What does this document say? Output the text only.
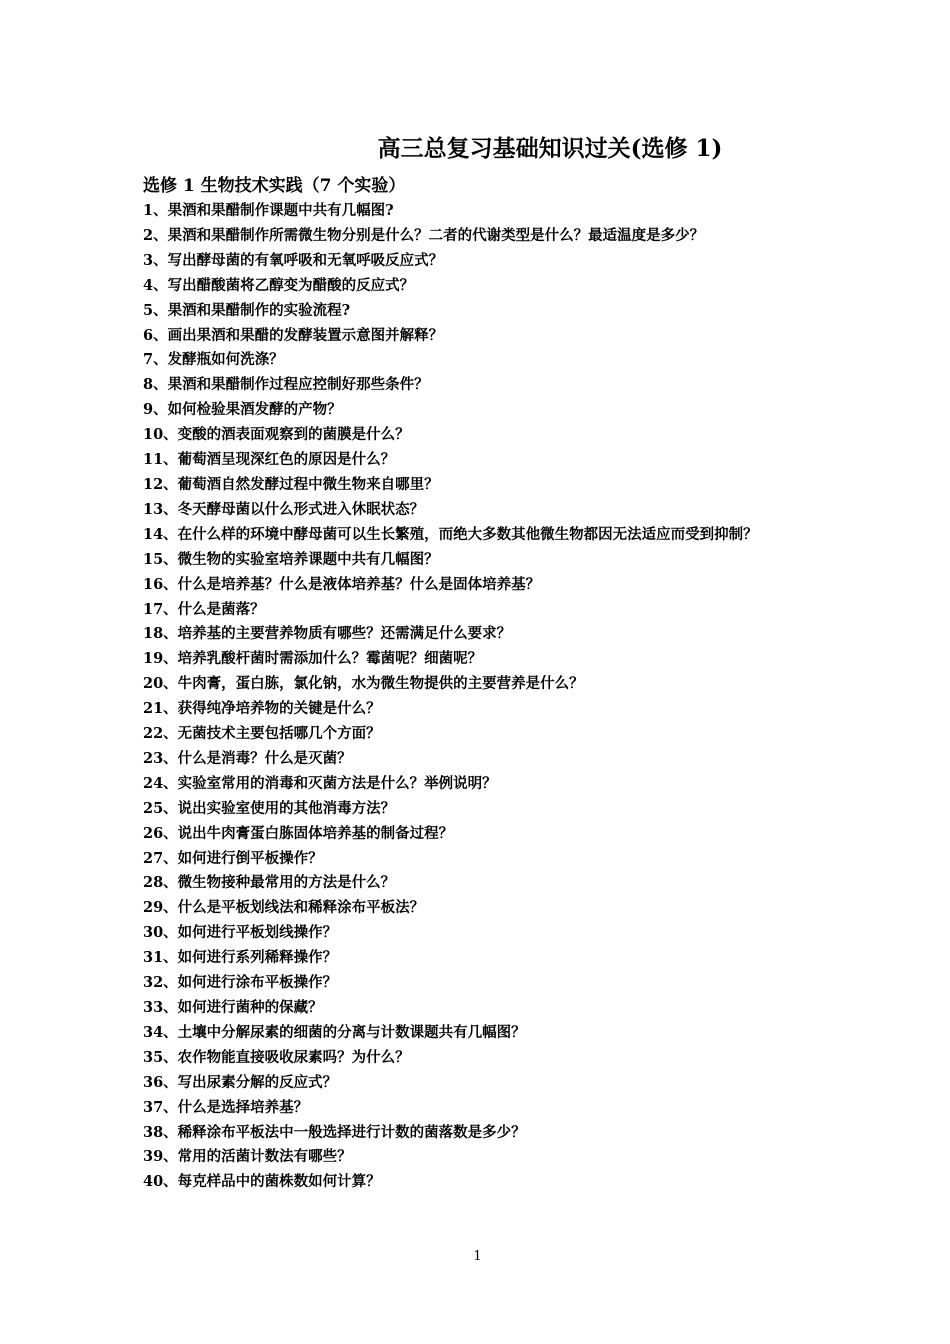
高三总复习基础知识过关(选修 1)
选修 1 生物技术实践（7 个实验）
1、果酒和果醋制作课题中共有几幅图?
2、果酒和果醋制作所需微生物分别是什么？二者的代谢类型是什么？最适温度是多少？
3、写出酵母菌的有氧呼吸和无氧呼吸反应式？
4、写出醋酸菌将乙醇变为醋酸的反应式？
5、果酒和果醋制作的实验流程?
6、画出果酒和果醋的发酵装置示意图并解释？
7、发酵瓶如何洗涤？
8、果酒和果醋制作过程应控制好那些条件？
9、如何检验果酒发酵的产物？
10、变酸的酒表面观察到的菌膜是什么？
11、葡萄酒呈现深红色的原因是什么？
12、葡萄酒自然发酵过程中微生物来自哪里？
13、冬天酵母菌以什么形式进入休眠状态？
14、在什么样的环境中酵母菌可以生长繁殖，而绝大多数其他微生物都因无法适应而受到抑制？
15、微生物的实验室培养课题中共有几幅图？
16、什么是培养基？什么是液体培养基？什么是固体培养基？
17、什么是菌落？
18、培养基的主要营养物质有哪些？还需满足什么要求？
19、培养乳酸杆菌时需添加什么？霉菌呢？细菌呢？
20、牛肉膏，蛋白胨，氯化钠，水为微生物提供的主要营养是什么？
21、获得纯净培养物的关键是什么？
22、无菌技术主要包括哪几个方面？
23、什么是消毒？什么是灭菌？
24、实验室常用的消毒和灭菌方法是什么？举例说明？
25、说出实验室使用的其他消毒方法？
26、说出牛肉膏蛋白胨固体培养基的制备过程？
27、如何进行倒平板操作？
28、微生物接种最常用的方法是什么？
29、什么是平板划线法和稀释涂布平板法？
30、如何进行平板划线操作？
31、如何进行系列稀释操作？
32、如何进行涂布平板操作？
33、如何进行菌种的保藏？
34、土壤中分解尿素的细菌的分离与计数课题共有几幅图？
35、农作物能直接吸收尿素吗？为什么？
36、写出尿素分解的反应式？
37、什么是选择培养基？
38、稀释涂布平板法中一般选择进行计数的菌落数是多少？
39、常用的活菌计数法有哪些？
40、每克样品中的菌株数如何计算？
1
